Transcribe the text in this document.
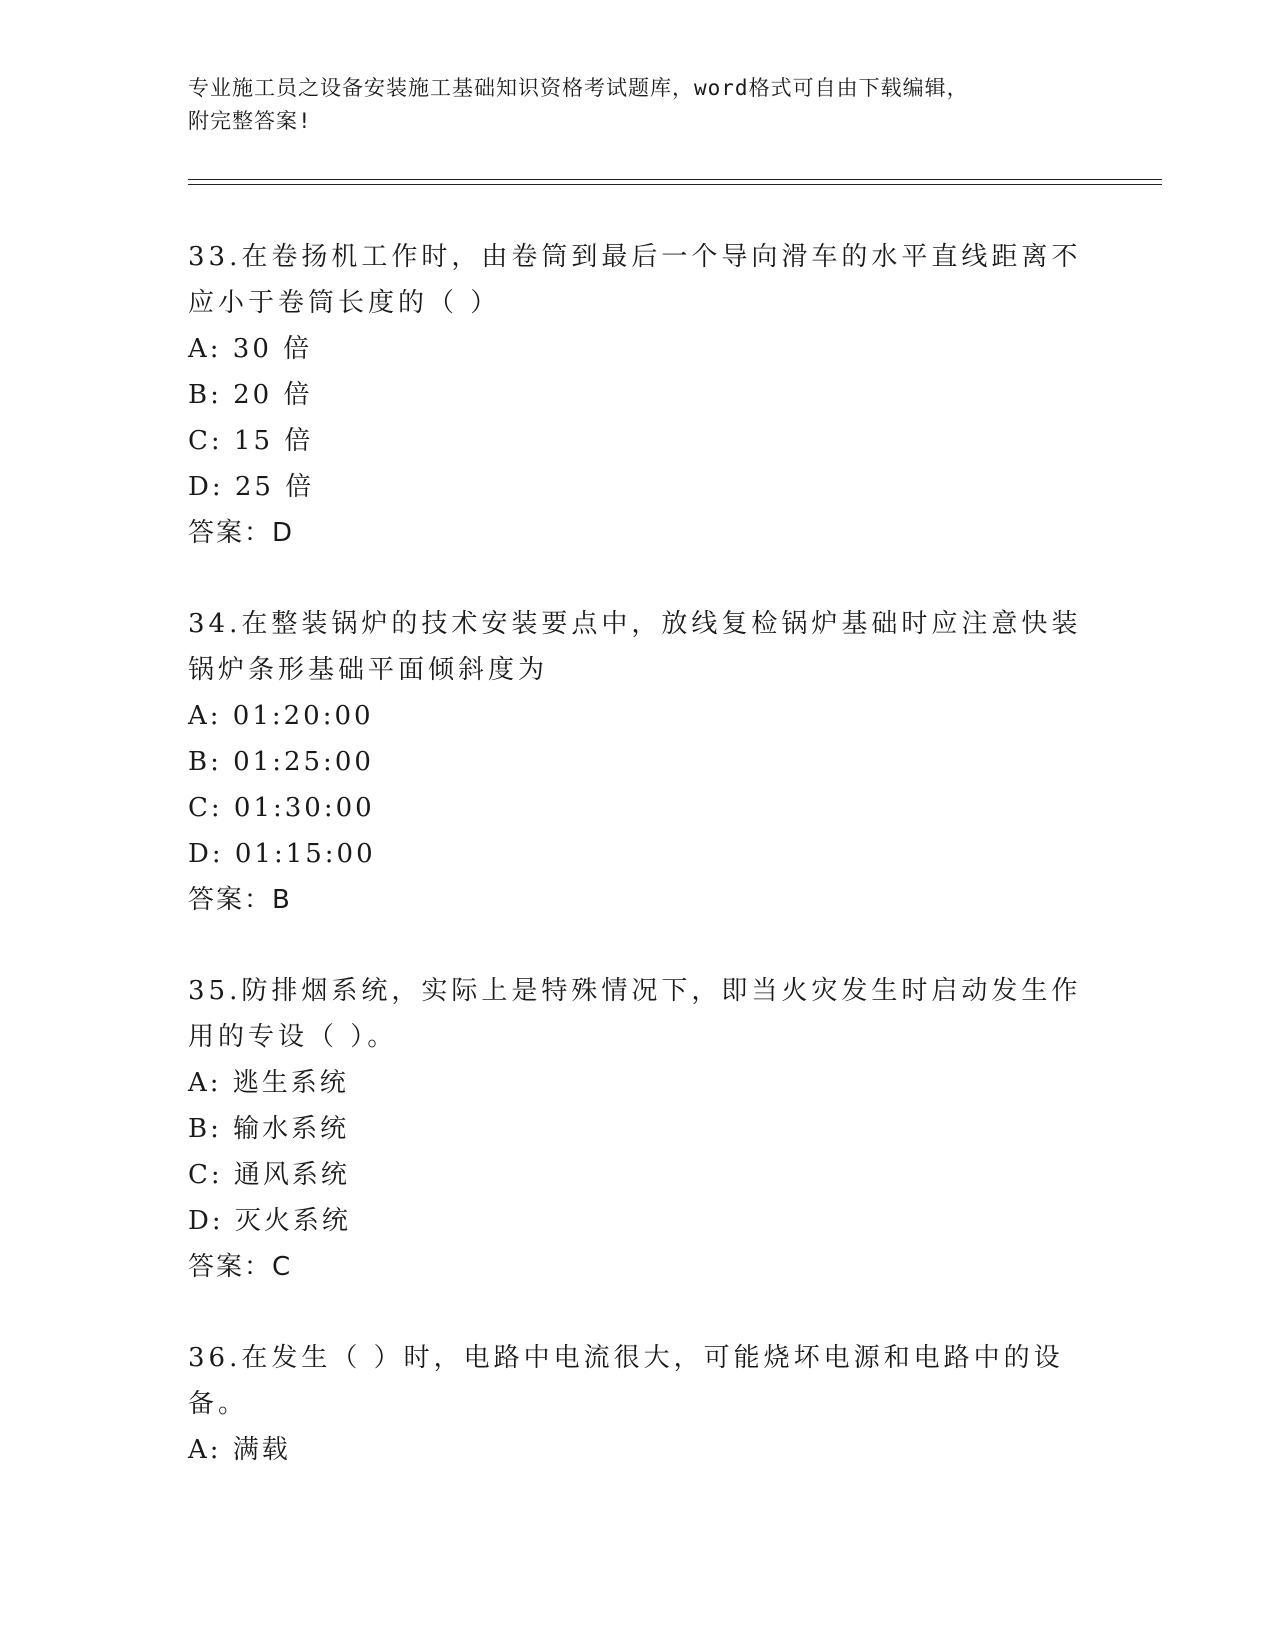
专业施工员之设备安装施工基础知识资格考试题库，word格式可自由下载编辑，
附完整答案!

33.在卷扬机工作时，由卷筒到最后一个导向滑车的水平直线距离不应小于卷筒长度的（ ）

A: 30 倍

B: 20 倍

C: 15 倍

D: 25 倍

答案：D

34.在整装锅炉的技术安装要点中，放线复检锅炉基础时应注意快装锅炉条形基础平面倾斜度为

A: 01:20:00

B: 01:25:00

C: 01:30:00

D: 01:15:00

答案：B

35.防排烟系统，实际上是特殊情况下，即当火灾发生时启动发生作用的专设（ ）。

A: 逃生系统

B: 输水系统

C: 通风系统

D: 灭火系统

答案：C

36.在发生（ ）时，电路中电流很大，可能烧坏电源和电路中的设备。

A: 满载
